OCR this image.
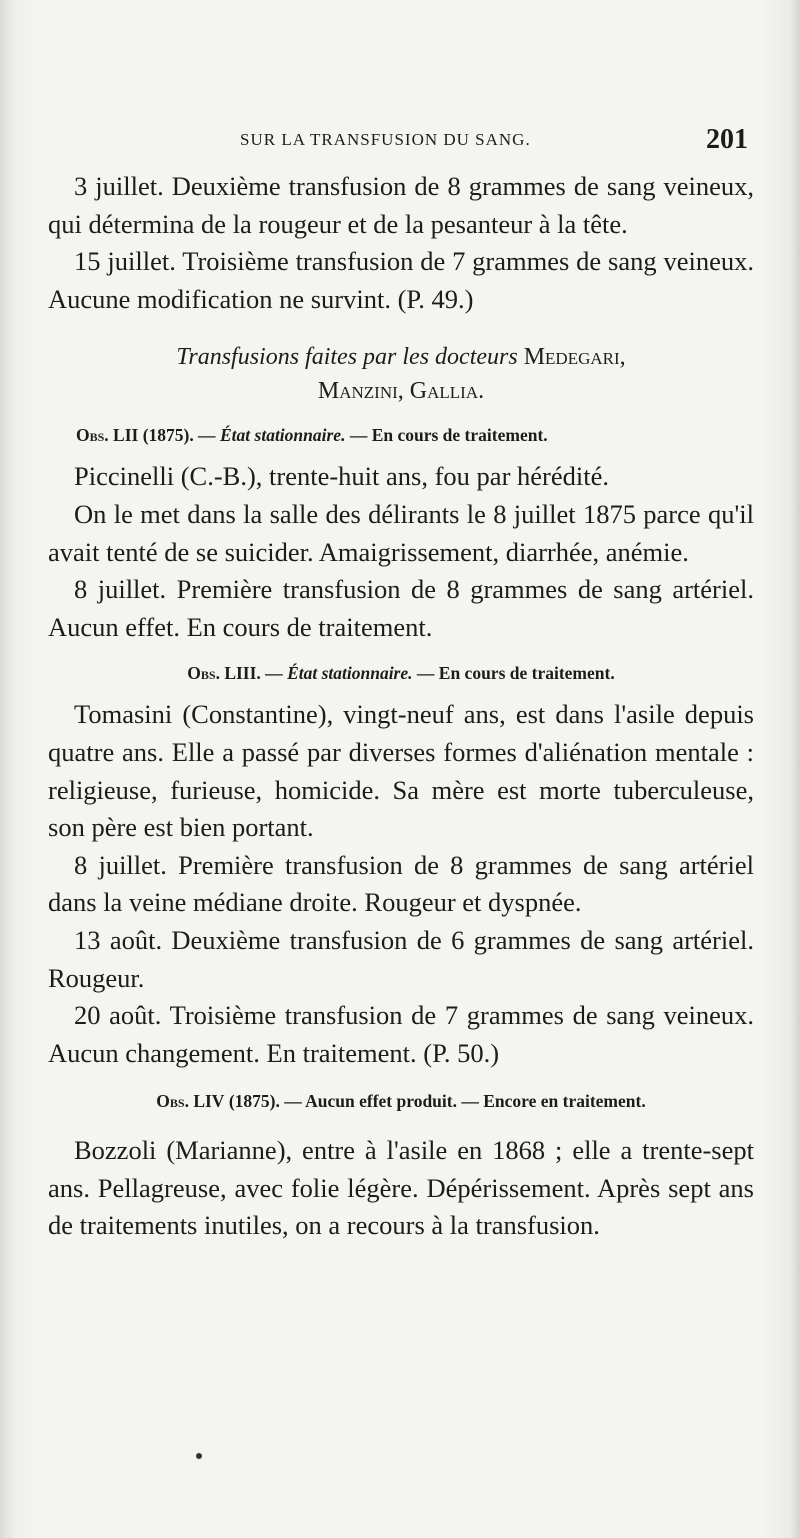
SUR LA TRANSFUSION DU SANG.	201

3 juillet. Deuxième transfusion de 8 grammes de sang veineux, qui détermina de la rougeur et de la pesanteur à la tête.

15 juillet. Troisième transfusion de 7 grammes de sang veineux. Aucune modification ne survint. (P. 49.)

Transfusions faites par les docteurs Medegari,
Manzini, Gallia.

Obs. LII (1875). — État stationnaire. — En cours de traitement.

Piccinelli (C.-B.), trente-huit ans, fou par hérédité.

On le met dans la salle des délirants le 8 juillet 1875 parce qu'il avait tenté de se suicider. Amaigrissement, diarrhée, anémie.

8 juillet. Première transfusion de 8 grammes de sang artériel. Aucun effet. En cours de traitement.

Obs. LIII. — État stationnaire. — En cours de traitement.

Tomasini (Constantine), vingt-neuf ans, est dans l'asile depuis quatre ans. Elle a passé par diverses formes d'aliénation mentale : religieuse, furieuse, homicide. Sa mère est morte tuberculeuse, son père est bien portant.

8 juillet. Première transfusion de 8 grammes de sang artériel dans la veine médiane droite. Rougeur et dyspnée.

13 août. Deuxième transfusion de 6 grammes de sang artériel. Rougeur.

20 août. Troisième transfusion de 7 grammes de sang veineux. Aucun changement. En traitement. (P. 50.)

Obs. LIV (1875). — Aucun effet produit. — Encore en traitement.

Bozzoli (Marianne), entre à l'asile en 1868 ; elle a trente-sept ans. Pellagreuse, avec folie légère. Dépérissement. Après sept ans de traitements inutiles, on a recours à la transfusion.
